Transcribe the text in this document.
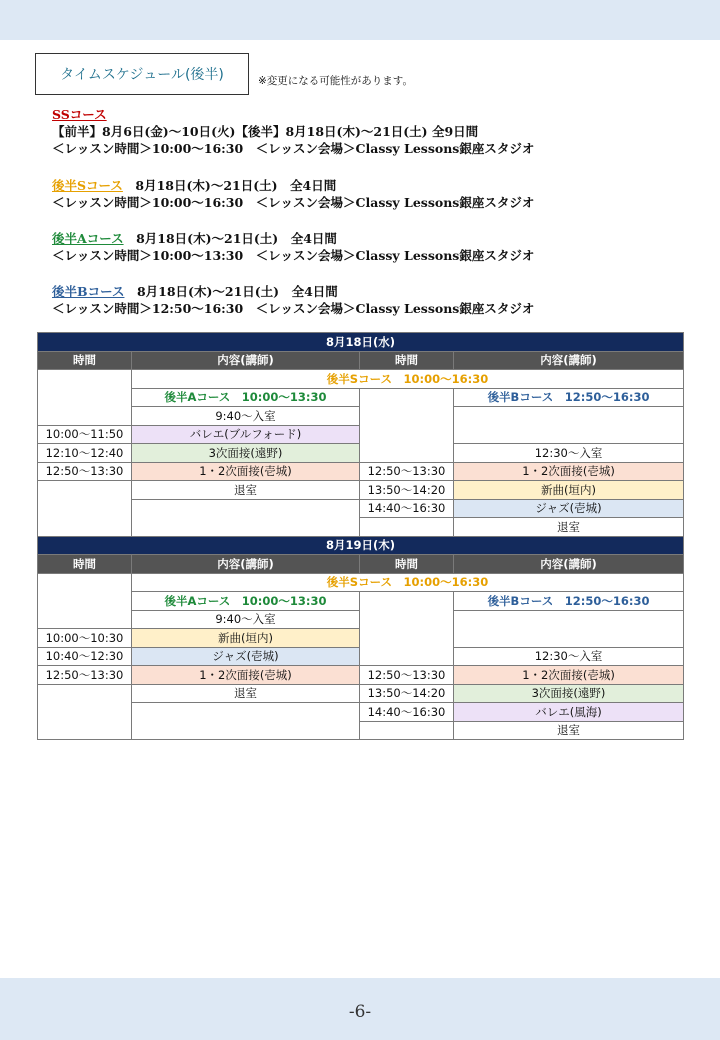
タイムスケジュール(後半)	※変更になる可能性があります。
SSコース
【前半】8月6日(金)～10日(火)【後半】8月18日(木)～21日(土) 全9日間
＜レッスン時間＞10:00～16:30　＜レッスン会場＞Classy Lessons銀座スタジオ
後半Sコース　8月18日(木)～21日(土)　全4日間
＜レッスン時間＞10:00～16:30　＜レッスン会場＞Classy Lessons銀座スタジオ
後半Aコース　8月18日(木)～21日(土)　全4日間
＜レッスン時間＞10:00～13:30　＜レッスン会場＞Classy Lessons銀座スタジオ
後半Bコース　8月18日(木)～21日(土)　全4日間
＜レッスン時間＞12:50～16:30　＜レッスン会場＞Classy Lessons銀座スタジオ
8月18日(水)			
時間	内容(講師)	時間	内容(講師)
	後半Sコース　10:00～16:30		
	後半Aコース　10:00～13:30		後半Bコース　12:50～16:30
	9:40～入室		
10:00～11:50	バレエ(ブルフォード)		
12:10～12:40	3次面接(遠野)		12:30～入室
12:50～13:30	1・2次面接(壱城)	12:50～13:30	1・2次面接(壱城)
	退室	13:50～14:20	新曲(垣内)
		14:40～16:30	ジャズ(壱城)
			退室
8月19日(木)			
時間	内容(講師)	時間	内容(講師)
	後半Sコース　10:00～16:30		
	後半Aコース　10:00～13:30		後半Bコース　12:50～16:30
	9:40～入室		
10:00～10:30	新曲(垣内)		
10:40～12:30	ジャズ(壱城)		12:30～入室
12:50～13:30	1・2次面接(壱城)	12:50～13:30	1・2次面接(壱城)
	退室	13:50～14:20	3次面接(遠野)
		14:40～16:30	バレエ(風海)
			退室
-6-
